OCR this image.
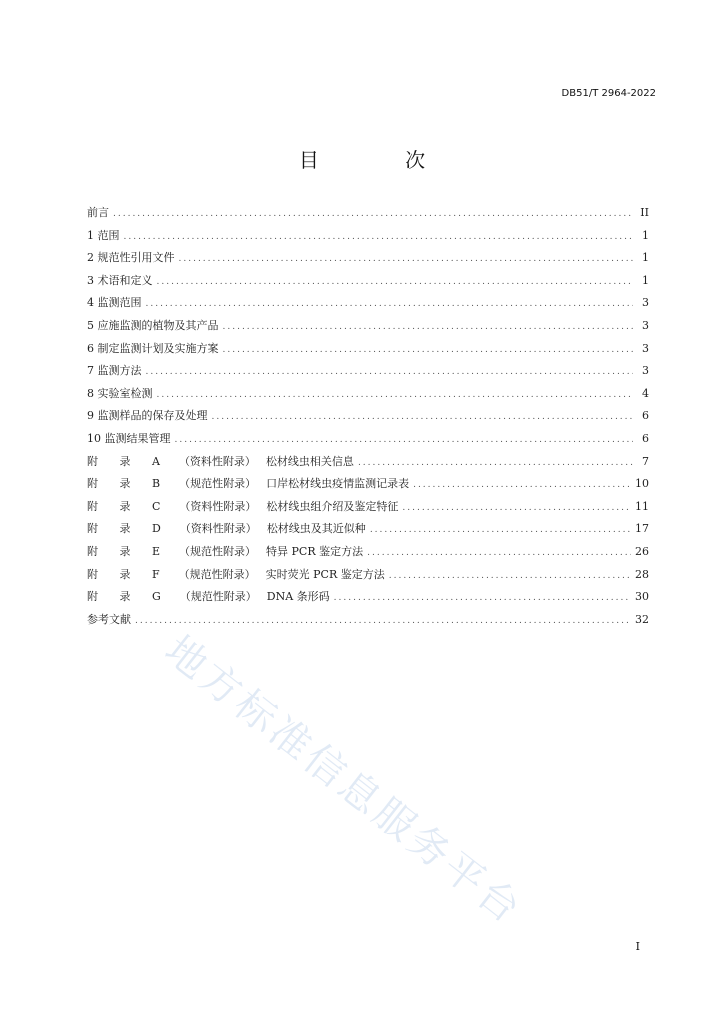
DB51/T 2964-2022
目 次
前言 .....	II
1 范围 .....	1
2 规范性引用文件 .....	1
3 术语和定义 .....	1
4 监测范围 .....	3
5 应施监测的植物及其产品 .....	3
6 制定监测计划及实施方案 .....	3
7 监测方法 .....	3
8 实验室检测 .....	4
9 监测样品的保存及处理 .....	6
10 监测结果管理 .....	6
附 录 A （资料性附录） 松材线虫相关信息 .....	7
附 录 B （规范性附录） 口岸松材线虫疫情监测记录表 .....	10
附 录 C （资料性附录） 松材线虫组介绍及鉴定特征 .....	11
附 录 D （资料性附录） 松材线虫及其近似种 .....	17
附 录 E （规范性附录） 特异 PCR 鉴定方法 .....	26
附 录 F （规范性附录） 实时荧光 PCR 鉴定方法 .....	28
附 录 G （规范性附录） DNA 条形码 .....	30
参考文献 .....	32
地方标准信息服务平台
I
